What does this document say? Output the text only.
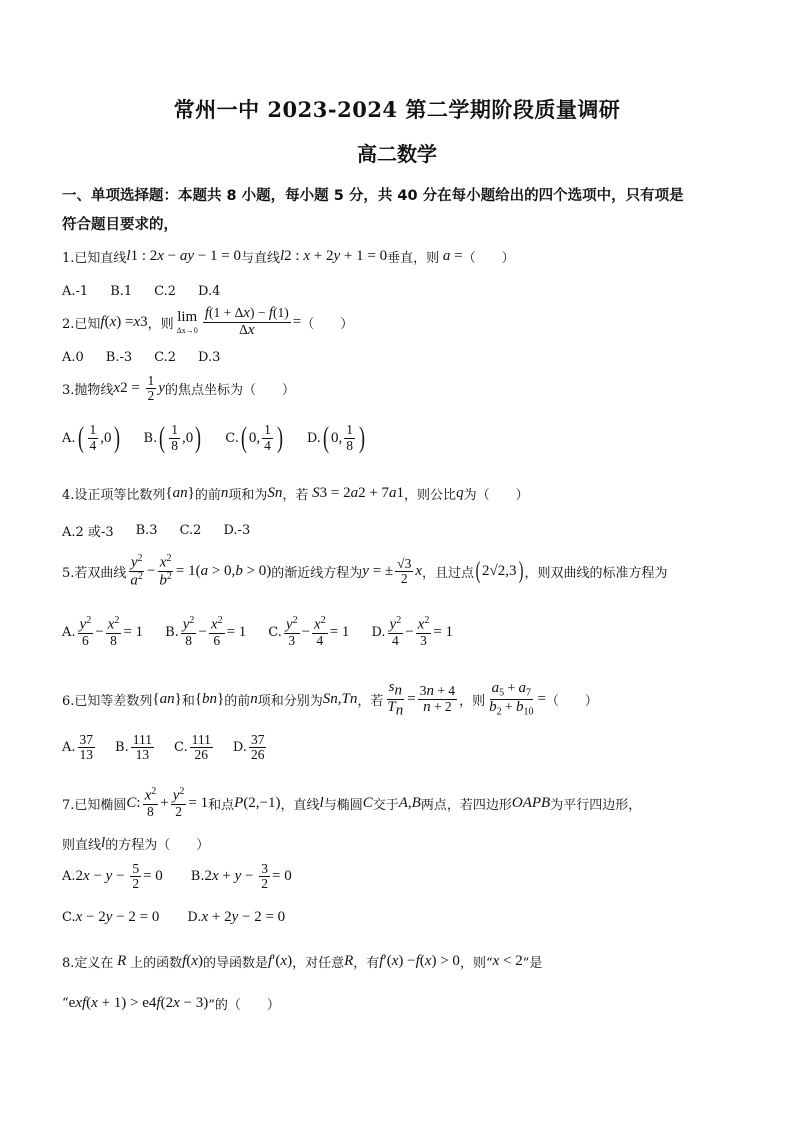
常州一中 2023-2024 第二学期阶段质量调研
高二数学
一、单项选择题：本题共 8 小题，每小题 5 分，共 40 分在每小题给出的四个选项中，只有项是
符合题目要求的，
1.已知直线 l 1 : 2 x − ay − 1 = 0 与直线 l 2 : x + 2 y + 1 = 0 垂直，则 a = （　　）
A.-1 B.1 C.2 D.4
2.已知 f ( x ) = x 3 ，则 lim
$\Delta x\to 0 \frac{f(1 + \Delta x) - f(1)}{\Delta x}$ = （　　）
A.0 B.-3 C.2 D.3
3.抛物线 x $2 = \frac{1}{2}$ y 的焦点坐标为（　　）
A. ( $\frac{1}{4} ,0$ ) B. ( $\frac{1}{8} ,0$ ) C. ( 0, $\frac{1}{4}$ ) D. ( 0, $\frac{1}{8}$ )
4.设正项等比数列 { a n } 的前 n 项和为 S n ，若 S 3 = 2 a 2 + 7 a 1 ，则公比 q 为（　　）
A.2 或-3 B.3 C.2 D.-3
5.若双曲线 $\frac{y^2}{a^2} - \frac{x^2}{b^2} = 1$( a > 0, b > 0) 的渐近线方程为 y = ± $\frac{√3}{2}$ x ，且过点 ( 2√2,3 ) ，则双曲线的标准方程为
A. $\frac{y^2}{6} - \frac{x^2}{8} = 1$ B. $\frac{y^2}{8} - \frac{x^2}{6} = 1$ C. $\frac{y^2}{3} - \frac{x^2}{4} = 1$ D. $\frac{y^2}{4} - \frac{x^2}{3} = 1$
6.已知等差数列 { a n } 和 { b n } 的前 n 项和分别为 S n , T n ，若 $\frac{s_n}{T_n} = \frac{3n + 4}{n + 2}$ ，则 $\frac{a_5 + a_7}{b_2 + b_{10}}$ = （　　）
A. $\frac{37}{13} B$. $\frac{111}{13} C$. $\frac{111}{26} D$. $\frac{37}{26}$
7.已知椭圆 C : $\frac{x^2}{8} + \frac{y^2}{2} = 1$ 和点 P (2,−1) ，直线 l 与椭圆 C 交于 A , B 两点，若四边形 OAPB 为平行四边形，
则直线 l 的方程为（　　）
A. 2 $x - y - \frac{5}{2} = 0$ B. 2 $x + y - \frac{3}{2} = 0$
C. x − 2 y − 2 = 0 D. x + 2 y − 2 = 0
8.定义在 R 上的函数 f ( x ) 的导函数是 f ′( x ) ，对任意 R ，有 f ′( x ) − f ( x ) > 0 ，则“ x < 2 ”是
“ e x f ( x + 1) > e 4 f (2 x − 3) ”的（　　）
